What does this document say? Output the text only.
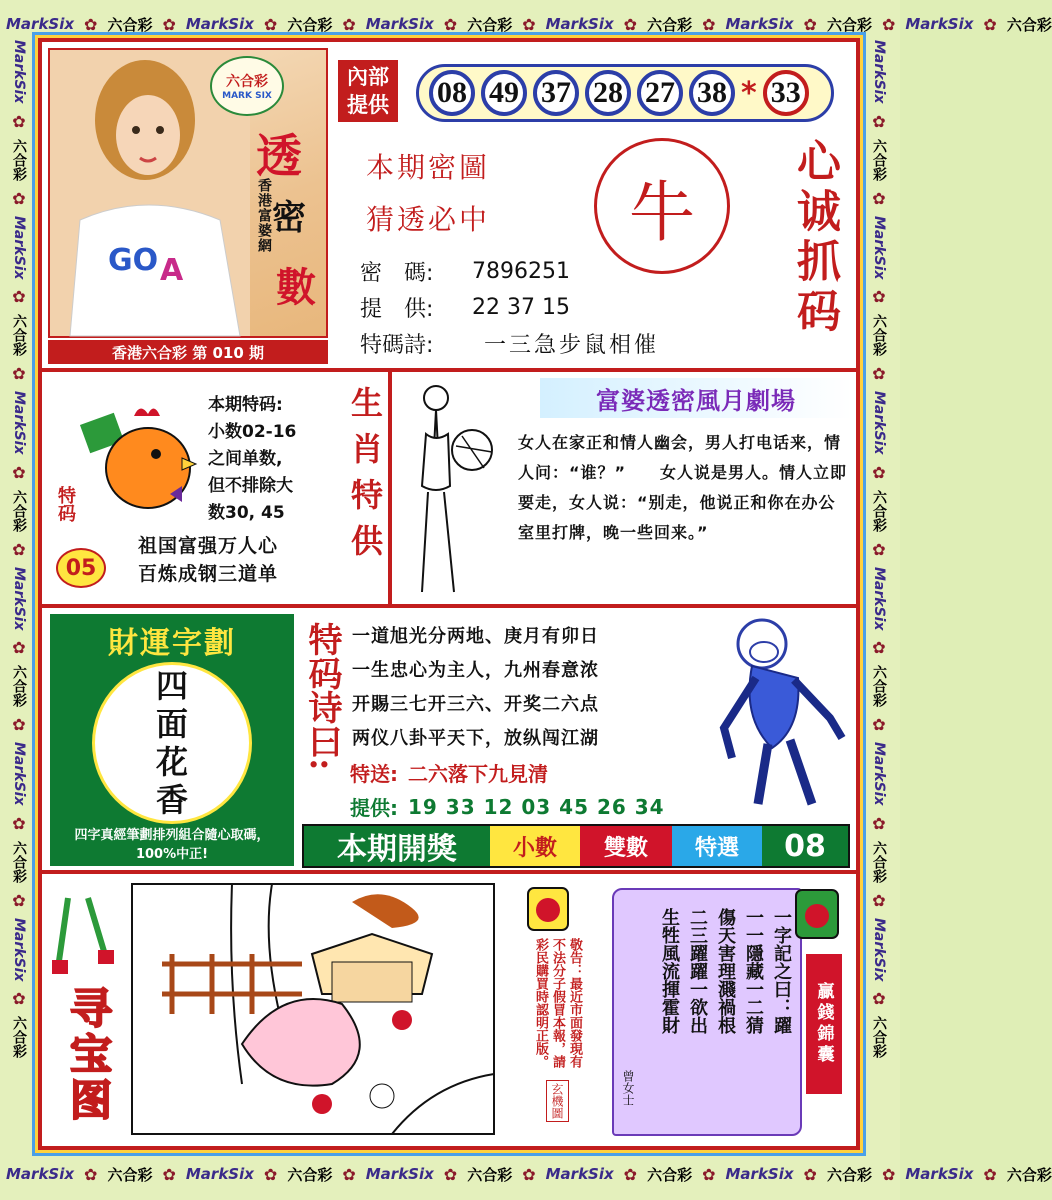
MarkSix ✿ 六合彩 ✿ MarkSix ✿ 六合彩 ✿ MarkSix ✿ 六合彩 ✿ MarkSix ✿ 六合彩 ✿ MarkSix ✿ 六合彩 ✿ MarkSix ✿ 六合彩
MarkSix ✿ 六合彩 ✿ MarkSix ✿ 六合彩 ✿ MarkSix ✿ 六合彩 ✿ MarkSix ✿ 六合彩 ✿ MarkSix ✿ 六合彩 ✿ MarkSix ✿ 六合彩
MarkSix
✿
六合彩
✿
MarkSix
✿
六合彩
✿
MarkSix
✿
六合彩
✿
MarkSix
✿
六合彩
✿
MarkSix
✿
六合彩
✿
MarkSix
✿
六合彩
MarkSix
✿
六合彩
✿
MarkSix
✿
六合彩
✿
MarkSix
✿
六合彩
✿
MarkSix
✿
六合彩
✿
MarkSix
✿
六合彩
✿
MarkSix
✿
六合彩
GO A
六合彩
MARK SIX
透
密
數
香港富婆網
香港六合彩 第 010 期
內部
提供	08 49 37 28 27 38 * 33
本期密圖
猜透必中 牛
密　碼:	7896251
提　供:	22 37 15
特碼詩:	一三急步鼠相催
心诚抓码
特码
05
本期特码:
小数02-16
之间单数,
但不排除大
数30, 45
祖国富强万人心
百炼成钢三道单
生肖特供	富婆透密風月劇場
女人在家正和情人幽会，男人打电话来，情人问：“谁？”　　女人说是男人。情人立即要走，女人说：“别走，他说正和你在办公室里打牌，晚一些回来。”
財運字劃
四
面
花
香
四字真經筆劃排列組合隨心取碼，100%中正!
特码诗曰: 一道旭光分两地、庚月有卯日
一生忠心为主人，九州春意浓
开賜三七开三六、开奖二六点
两仪八卦平天下，放纵闯江湖
特送: 二六落下九見清
提供: 19 33 12 03 45 26 34
本期開獎	小數	雙數	特選	08
寻宝图	敬告：最近市面發現有不法分子假冒本報，請彩民購買時認明正版。
玄機圖
一字記之曰：躍
一一隱藏一二猜
傷天害理濺禍根
二三躍躍一欲出
生牲風流揮霍財
曾女士
贏錢錦囊
